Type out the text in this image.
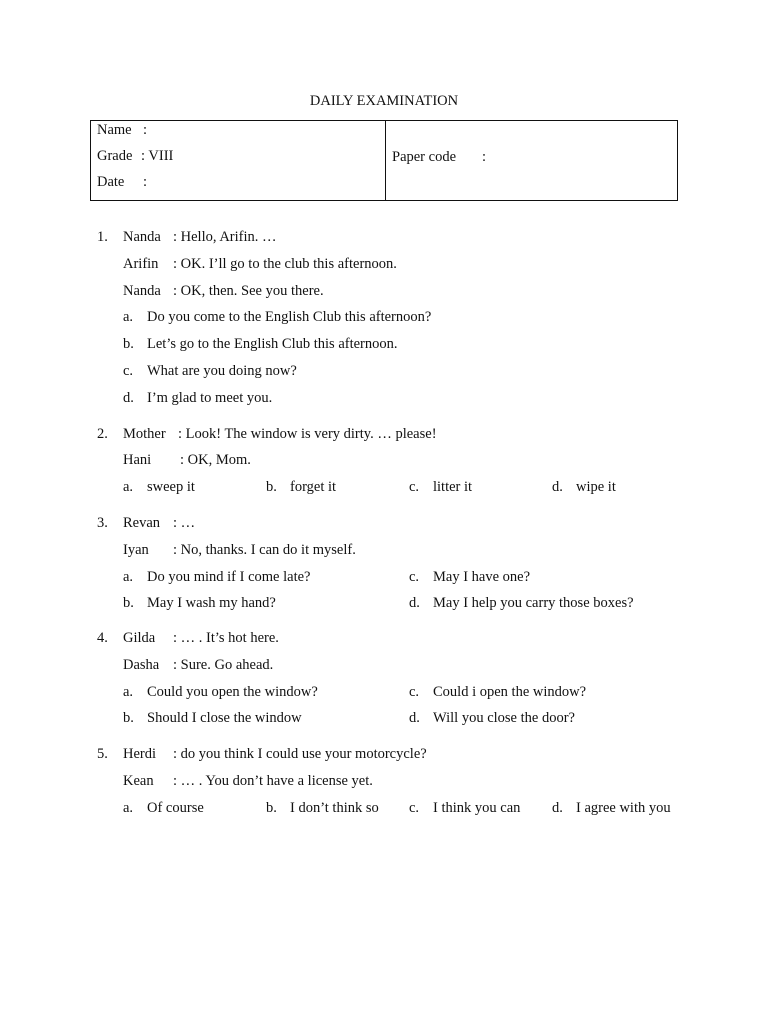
DAILY EXAMINATION
Name :
Grade : VIII
Date :
Paper code :
1. Nanda : Hello, Arifin. …
Arifin : OK. I’ll go to the club this afternoon.
Nanda : OK, then. See you there.
a. Do you come to the English Club this afternoon?
b. Let’s go to the English Club this afternoon.
c. What are you doing now?
d. I’m glad to meet you.
2. Mother : Look! The window is very dirty. … please!
Hani : OK, Mom.
a. sweep it	b. forget it	c. litter it	d. wipe it
3. Revan : …
Iyan : No, thanks. I can do it myself.
a. Do you mind if I come late?
b. May I wash my hand?
c. May I have one?
d. May I help you carry those boxes?
4. Gilda : … . It’s hot here.
Dasha : Sure. Go ahead.
a. Could you open the window?
b. Should I close the window
c. Could i open the window?
d. Will you close the door?
5. Herdi : do you think I could use your motorcycle?
Kean : … . You don’t have a license yet.
a. Of course	b. I don’t think so c. I think you can d. I agree with you
